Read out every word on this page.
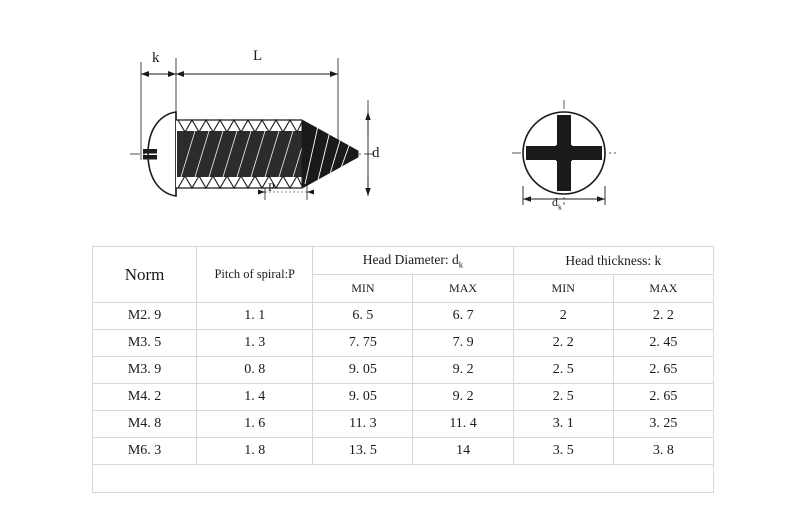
k	L
P
d
$d_k$
Norm	Pitch of spiral:P	Head Diameter: $d_k$		Head thickness: k	
		MIN	MAX	MIN	MAX
M2. 9	1. 1	6. 5	6. 7	2	2. 2
M3. 5	1. 3	7. 75	7. 9	2. 2	2. 45
M3. 9	0. 8	9. 05	9. 2	2. 5	2. 65
M4. 2	1. 4	9. 05	9. 2	2. 5	2. 65
M4. 8	1. 6	11. 3	11. 4	3. 1	3. 25
M6. 3	1. 8	13. 5	14	3. 5	3. 8
